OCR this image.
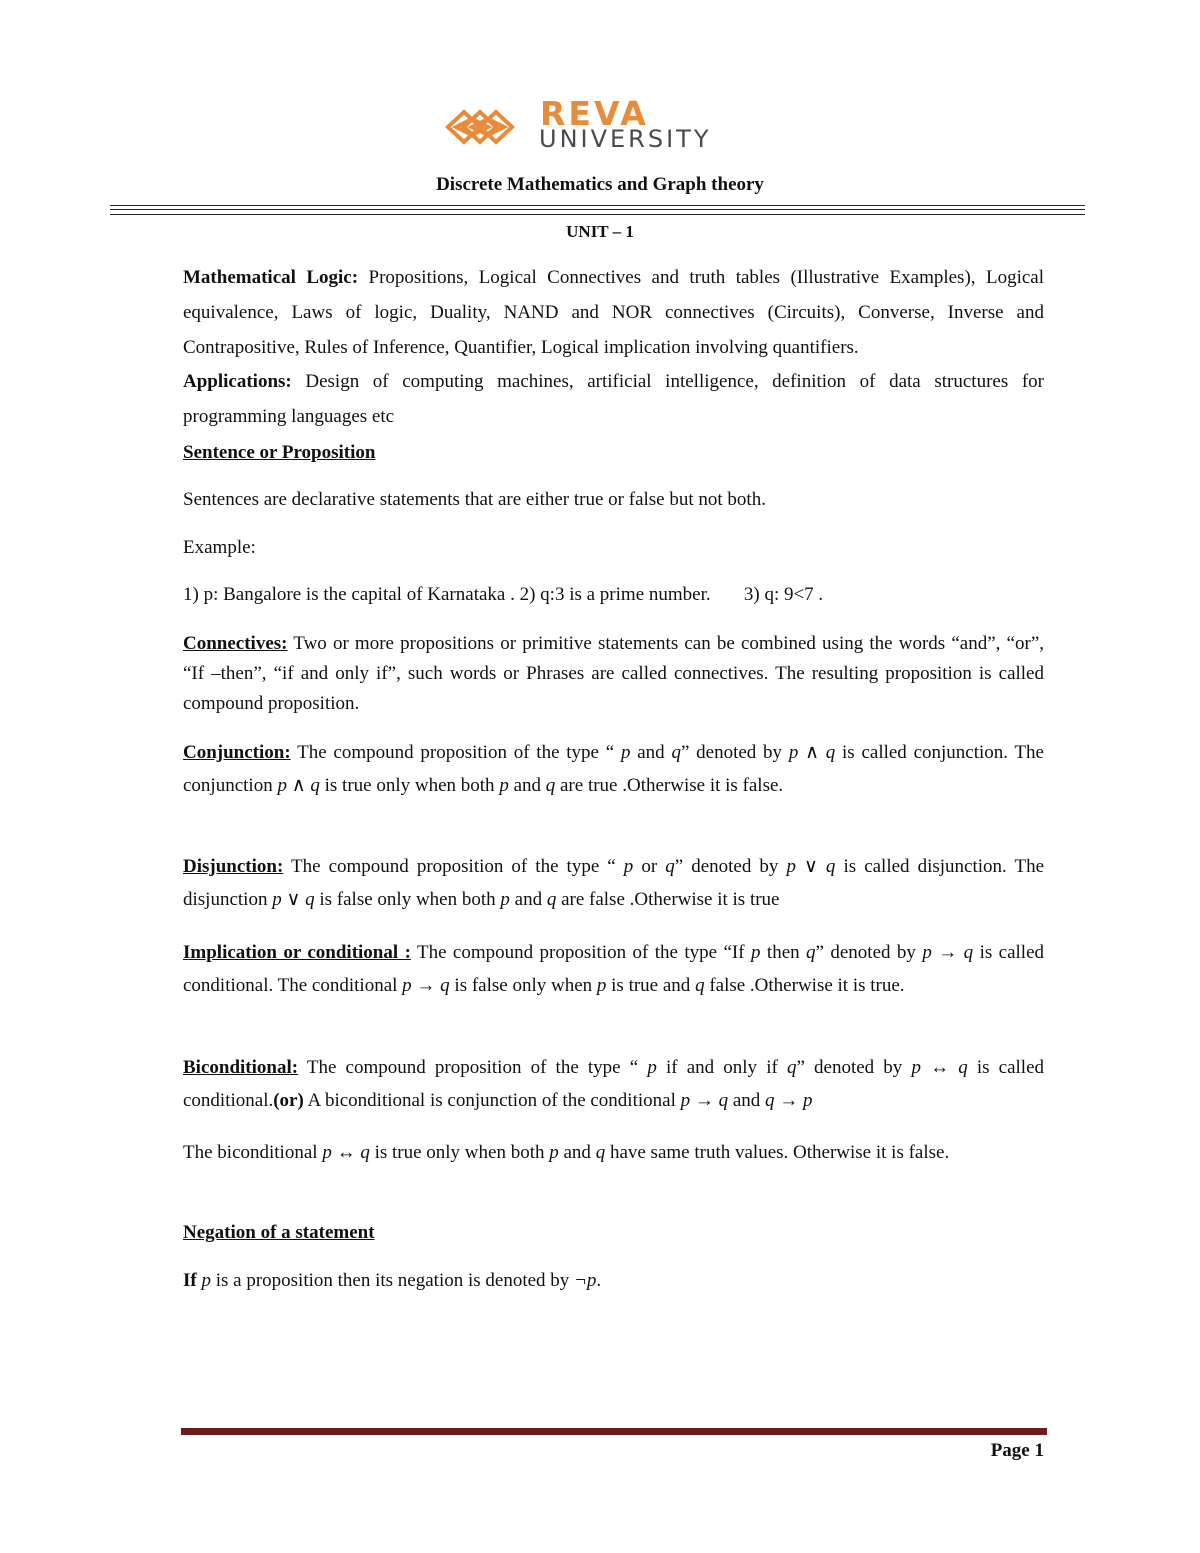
REVA
UNIVERSITY
Discrete Mathematics and Graph theory
UNIT – 1
Mathematical Logic: Propositions, Logical Connectives and truth tables (Illustrative Examples), Logical equivalence, Laws of logic, Duality, NAND and NOR connectives (Circuits), Converse, Inverse and Contrapositive, Rules of Inference, Quantifier, Logical implication involving quantifiers.
Applications: Design of computing machines, artificial intelligence, definition of data structures for programming languages etc
Sentence or Proposition
Sentences are declarative statements that are either true or false but not both.
Example:
1) p: Bangalore is the capital of Karnataka . 2) q:3 is a prime number.       3) q: 9<7 .
Connectives: Two or more propositions or primitive statements can be combined using the words “and”, “or”, “If –then”, “if and only if”, such words or Phrases are called connectives. The resulting proposition is called compound proposition.
Conjunction: The compound proposition of the type “ p and q” denoted by p ∧ q is called conjunction. The conjunction p ∧ q is true only when both p and q are true .Otherwise it is false.
Disjunction: The compound proposition of the type “ p or q” denoted by p ∨ q is called disjunction. The disjunction p ∨ q is false only when both p and q are false .Otherwise it is true
Implication or conditional : The compound proposition of the type “If p then q” denoted by p → q is called conditional. The conditional p → q is false only when p is true and q false .Otherwise it is true.
Biconditional: The compound proposition of the type “ p if and only if q” denoted by p ↔ q is called conditional.(or) A biconditional is conjunction of the conditional p → q and q → p
The biconditional p ↔ q is true only when both p and q have same truth values. Otherwise it is false.
Negation of a statement
If p is a proposition then its negation is denoted by ¬p.
Page 1
